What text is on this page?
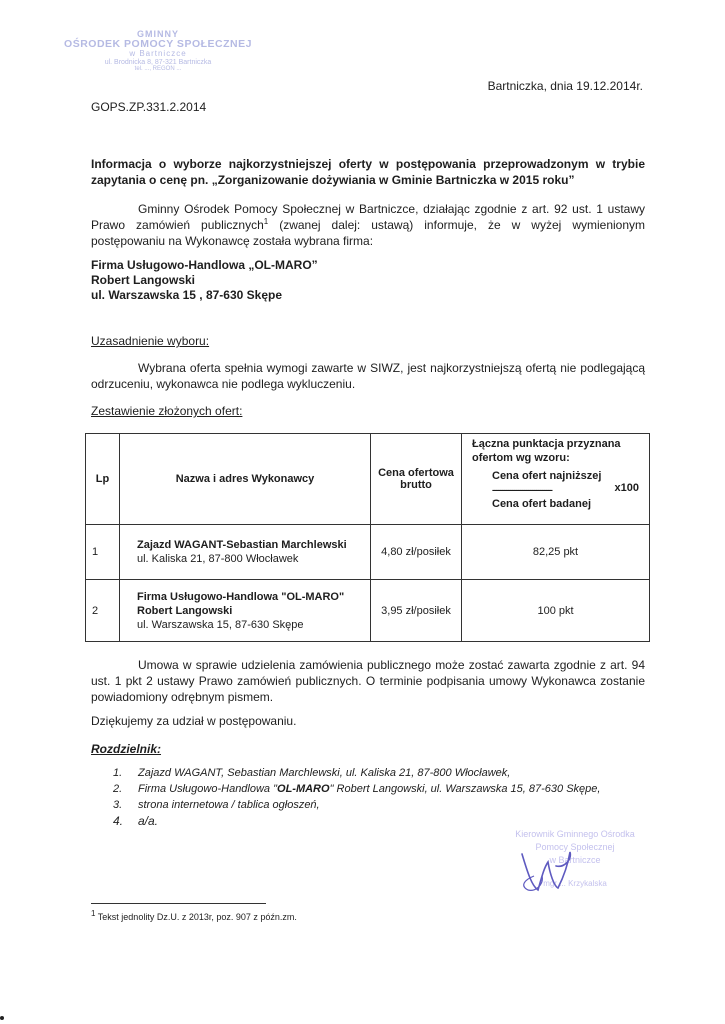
GMINNY
OŚRODEK POMOCY SPOŁECZNEJ
w Bartniczce
ul. Brodnicka 8, 87-321 Bartniczka
tel. ..., REGON ...
Bartniczka, dnia 19.12.2014r.
GOPS.ZP.331.2.2014
Informacja o wyborze najkorzystniejszej oferty w postępowania przeprowadzonym w trybie zapytania o cenę pn. „Zorganizowanie dożywiania w Gminie Bartniczka w 2015 roku”
Gminny Ośrodek Pomocy Społecznej w Bartniczce, działając zgodnie z art. 92 ust. 1 ustawy Prawo zamówień publicznych$^1$ (zwanej dalej: ustawą) informuje, że w wyżej wymienionym postępowaniu na Wykonawcę została wybrana firma:
Firma Usługowo-Handlowa „OL-MARO”
Robert Langowski
ul. Warszawska 15 , 87-630 Skępe
Uzasadnienie wyboru:
Wybrana oferta spełnia wymogi zawarte w SIWZ, jest najkorzystniejszą ofertą nie podlegającą odrzuceniu, wykonawca nie podlega wykluczeniu.
Zestawienie złożonych ofert:
Lp	Nazwa i adres Wykonawcy	Cena ofertowa brutto	Łączna punktacja przyznana ofertom wg wzoru:
Cena ofert najniższej
------------------------------ x100
Cena ofert badanej

1	Zajazd WAGANT-Sebastian Marchlewski
ul. Kaliska 21, 87-800 Włocławek	4,80 zł/posiłek	82,25 pkt
2	Firma Usługowo-Handlowa "OL-MARO" Robert Langowski
ul. Warszawska 15, 87-630 Skępe	3,95 zł/posiłek	100 pkt
Umowa w sprawie udzielenia zamówienia publicznego może zostać zawarta zgodnie z art. 94 ust. 1 pkt 2 ustawy Prawo zamówień publicznych. O terminie podpisania umowy Wykonawca zostanie powiadomiony odrębnym pismem.
Dziękujemy za udział w postępowaniu.
Rozdzielnik:
1.	Zajazd WAGANT, Sebastian Marchlewski, ul. Kaliska 21, 87-800 Włocławek,
2.	Firma Usługowo-Handlowa "OL-MARO" Robert Langowski, ul. Warszawska 15, 87-630 Skępe,
3.	strona internetowa / tablica ogłoszeń,
4.	a/a.
Kierownik Gminnego Ośrodka
Pomocy Społecznej
w Bartniczce
mgr ... Krzykalska
1 Tekst jednolity Dz.U. z 2013r, poz. 907 z późn.zm.
